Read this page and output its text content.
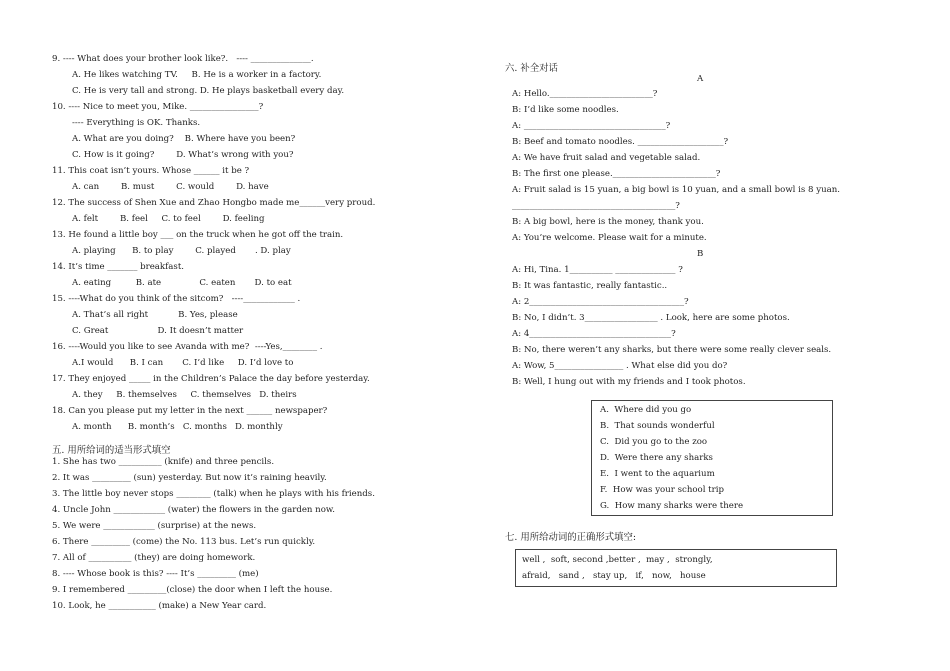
9. ---- What does your brother look like?.   ---- ______________.
A. He likes watching TV.     B. He is a worker in a factory.
C. He is very tall and strong. D. He plays basketball every day.
10. ---- Nice to meet you, Mike. ________________?
---- Everything is OK. Thanks.
A. What are you doing?    B. Where have you been?
C. How is it going?        D. What’s wrong with you?
11. This coat isn’t yours. Whose ______ it be ?
A. can        B. must        C. would        D. have
12. The success of Shen Xue and Zhao Hongbo made me______very proud.
A. felt        B. feel     C. to feel        D. feeling
13. He found a little boy ___ on the truck when he got off the train.
A. playing      B. to play        C. played       . D. play
14. It’s time _______ breakfast.
A. eating         B. ate              C. eaten       D. to eat
15. ----What do you think of the sitcom?   ----____________ .
A. That’s all right           B. Yes, please
C. Great                  D. It doesn’t matter
16. ----Would you like to see Avanda with me?  ----Yes,________ .
A.I would      B. I can       C. I’d like     D. I’d love to
17. They enjoyed _____ in the Children’s Palace the day before yesterday.
A. they     B. themselves     C. themselves   D. theirs
18. Can you please put my letter in the next ______ newspaper?
A. month      B. month’s   C. months   D. monthly
五. 用所给词的适当形式填空
1. She has two __________ (knife) and three pencils.
2. It was _________ (sun) yesterday. But now it’s raining heavily.
3. The little boy never stops ________ (talk) when he plays with his friends.
4. Uncle John ____________ (water) the flowers in the garden now.
5. We were ____________ (surprise) at the news.
6. There _________ (come) the No. 113 bus. Let’s run quickly.
7. All of __________ (they) are doing homework.
8. ---- Whose book is this? ---- It’s _________ (me)
9. I remembered _________(close) the door when I left the house.
10. Look, he ___________ (make) a New Year card.
六. 补全对话
A
A: Hello.________________________?
B: I’d like some noodles.
A: _________________________________?
B: Beef and tomato noodles. ____________________?
A: We have fruit salad and vegetable salad.
B: The first one please.________________________?
A: Fruit salad is 15 yuan, a big bowl is 10 yuan, and a small bowl is 8 yuan.
______________________________________?
B: A big bowl, here is the money, thank you.
A: You’re welcome. Please wait for a minute.
B
A: Hi, Tina. 1__________ ______________ ?
B: It was fantastic, really fantastic..
A: 2____________________________________?
B: No, I didn’t. 3_________________ . Look, here are some photos.
A: 4_________________________________?
B: No, there weren’t any sharks, but there were some really clever seals.
A: Wow, 5________________ . What else did you do?
B: Well, I hung out with my friends and I took photos.
七. 用所给动词的正确形式填空:
A.  Where did you go
B.  That sounds wonderful
C.  Did you go to the zoo
D.  Were there any sharks
E.  I went to the aquarium
F.  How was your school trip
G.  How many sharks were there
well ,  soft, second ,better ,  may ,  strongly,
afraid,   sand ,   stay up,   if,   now,   house
